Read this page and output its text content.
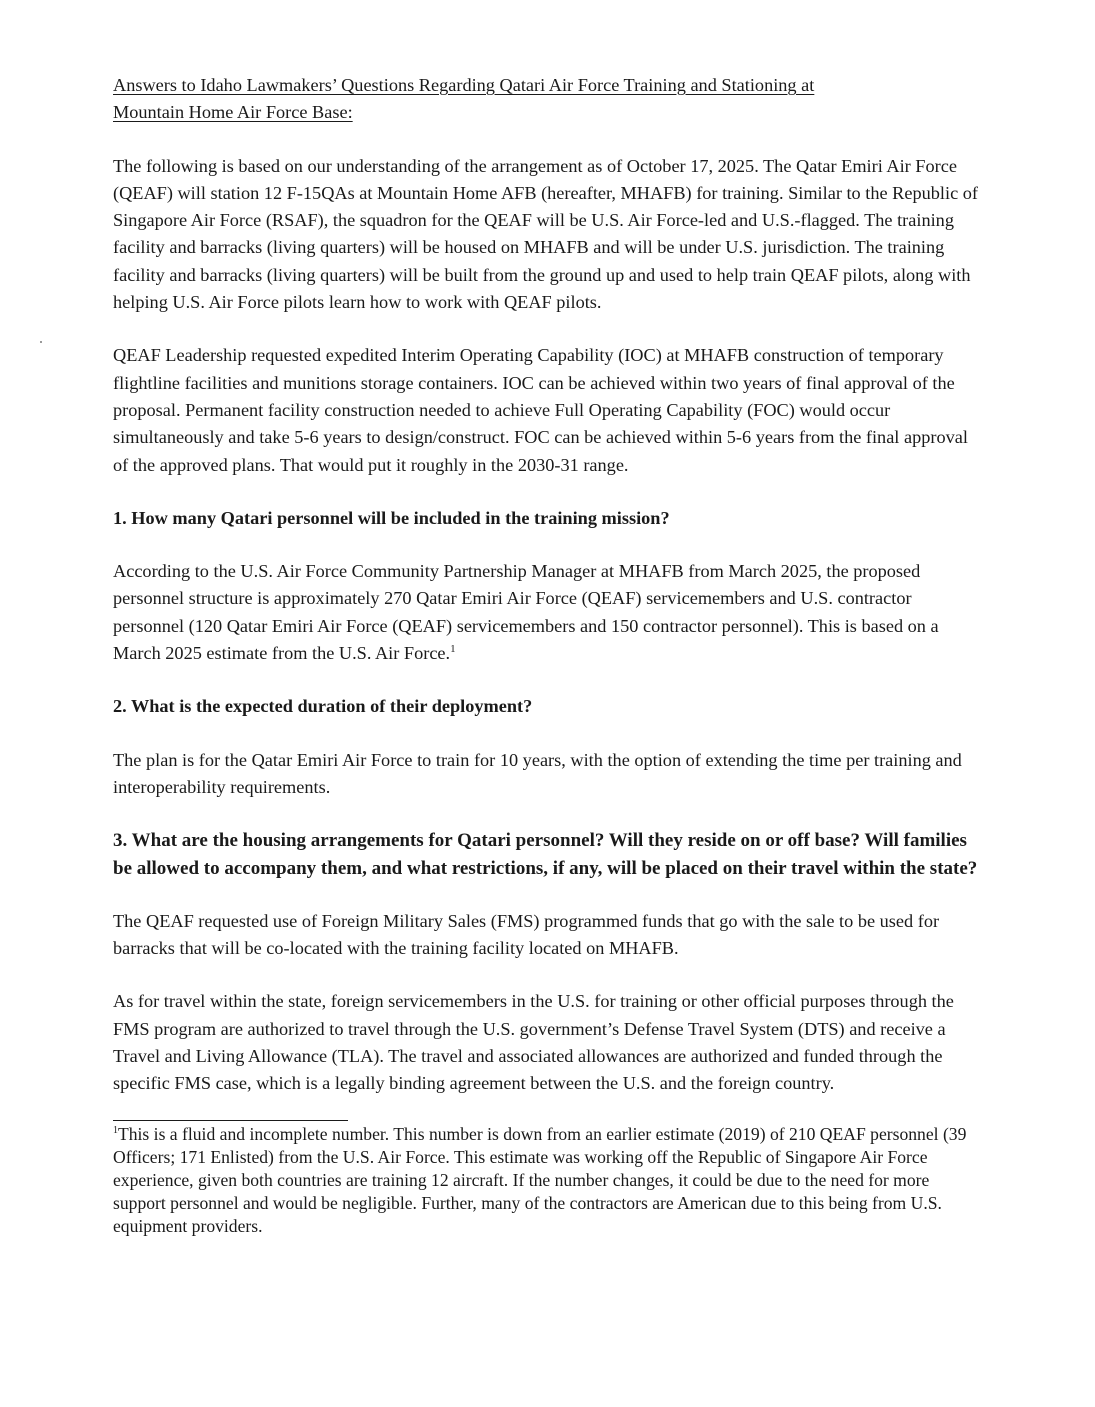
Answers to Idaho Lawmakers’ Questions Regarding Qatari Air Force Training and Stationing at
Mountain Home Air Force Base:

The following is based on our understanding of the arrangement as of October 17, 2025. The Qatar Emiri Air Force (QEAF) will station 12 F-15QAs at Mountain Home AFB (hereafter, MHAFB) for training. Similar to the Republic of Singapore Air Force (RSAF), the squadron for the QEAF will be U.S. Air Force-led and U.S.-flagged. The training facility and barracks (living quarters) will be housed on MHAFB and will be under U.S. jurisdiction. The training facility and barracks (living quarters) will be built from the ground up and used to help train QEAF pilots, along with helping U.S. Air Force pilots learn how to work with QEAF pilots.

QEAF Leadership requested expedited Interim Operating Capability (IOC) at MHAFB construction of temporary flightline facilities and munitions storage containers. IOC can be achieved within two years of final approval of the proposal. Permanent facility construction needed to achieve Full Operating Capability (FOC) would occur simultaneously and take 5-6 years to design/construct. FOC can be achieved within 5-6 years from the final approval of the approved plans. That would put it roughly in the 2030-31 range.

1. How many Qatari personnel will be included in the training mission?

According to the U.S. Air Force Community Partnership Manager at MHAFB from March 2025, the proposed personnel structure is approximately 270 Qatar Emiri Air Force (QEAF) servicemembers and U.S. contractor personnel (120 Qatar Emiri Air Force (QEAF) servicemembers and 150 contractor personnel). This is based on a March 2025 estimate from the U.S. Air Force.$^1$

2. What is the expected duration of their deployment?

The plan is for the Qatar Emiri Air Force to train for 10 years, with the option of extending the time per training and interoperability requirements.

3. What are the housing arrangements for Qatari personnel? Will they reside on or off base? Will families be allowed to accompany them, and what restrictions, if any, will be placed on their travel within the state?

The QEAF requested use of Foreign Military Sales (FMS) programmed funds that go with the sale to be used for barracks that will be co-located with the training facility located on MHAFB.

As for travel within the state, foreign servicemembers in the U.S. for training or other official purposes through the FMS program are authorized to travel through the U.S. government’s Defense Travel System (DTS) and receive a Travel and Living Allowance (TLA). The travel and associated allowances are authorized and funded through the specific FMS case, which is a legally binding agreement between the U.S. and the foreign country.

$^1$This is a fluid and incomplete number. This number is down from an earlier estimate (2019) of 210 QEAF personnel (39 Officers; 171 Enlisted) from the U.S. Air Force. This estimate was working off the Republic of Singapore Air Force experience, given both countries are training 12 aircraft. If the number changes, it could be due to the need for more support personnel and would be negligible. Further, many of the contractors are American due to this being from U.S. equipment providers.
